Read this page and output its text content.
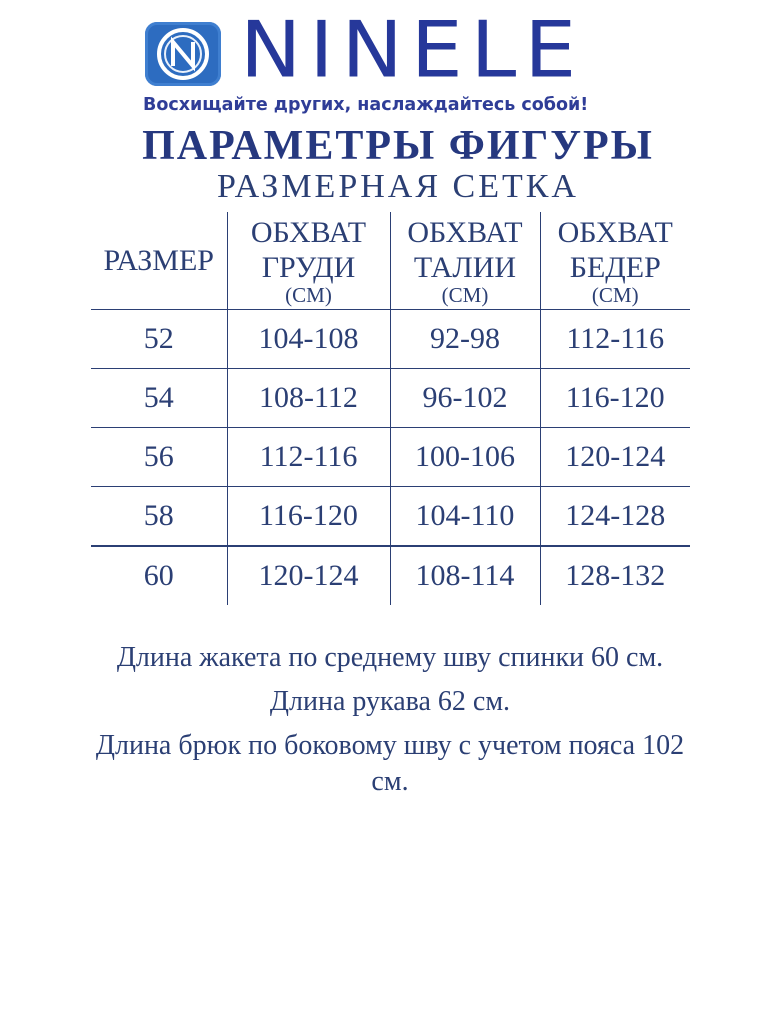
NINELE
Восхищайте других, наслаждайтесь собой!
ПАРАМЕТРЫ ФИГУРЫ
РАЗМЕРНАЯ СЕТКА
РАЗМЕР	ОБХВАТ
ГРУДИ
(СМ)	ОБХВАТ
ТАЛИИ
(СМ)	ОБХВАТ
БЕДЕР
(СМ)

52	104-108	92-98	112-116
54	108-112	96-102	116-120
56	112-116	100-106	120-124
58	116-120	104-110	124-128
60	120-124	108-114	128-132

Длина жакета по среднему шву спинки 60 см.

Длина рукава 62 см.

Длина брюк по боковому шву с учетом пояса 102 см.
